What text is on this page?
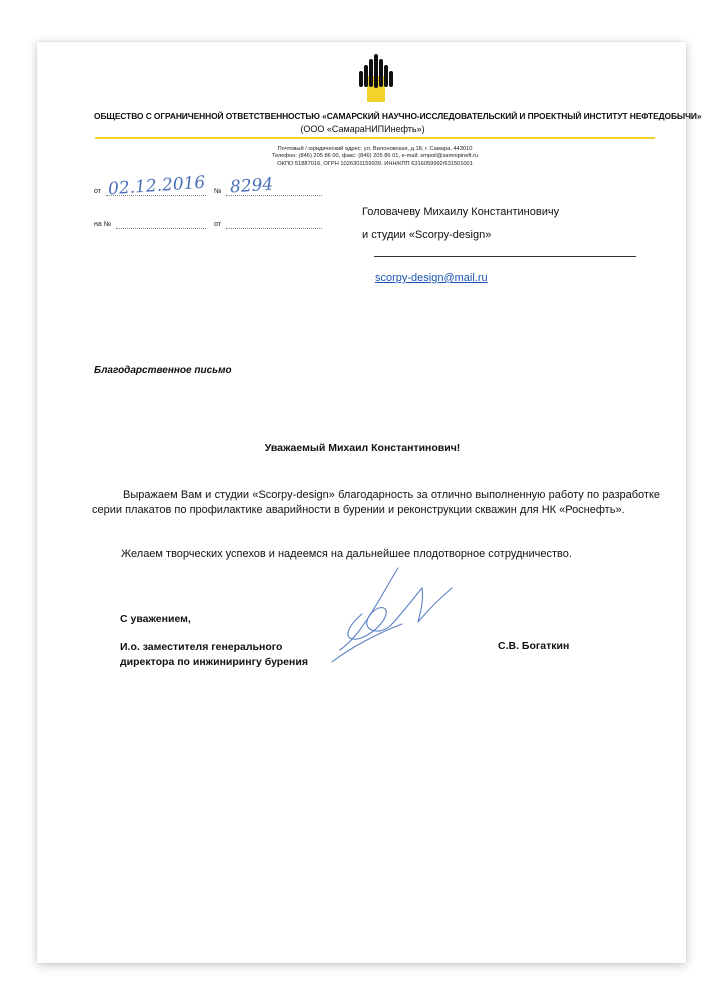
ОБЩЕСТВО С ОГРАНИЧЕННОЙ ОТВЕТСТВЕННОСТЬЮ «САМАРСКИЙ НАУЧНО-ИССЛЕДОВАТЕЛЬСКИЙ И ПРОЕКТНЫЙ ИНСТИТУТ НЕФТЕДОБЫЧИ»
(ООО «СамараНИПИнефть»)
Почтовый / юридический адрес: ул. Вилоновская, д.18, г. Самара, 443010
Телефон: (846) 205 86 00, факс: (846) 205 86 01, e-mail: smpoil@samnipineft.ru
ОКПО 51887016, ОГРН 1026301159939, ИНН/КПП 6316059992/631501001
от 02.12.2016 № 8294
на №	от
Головачеву Михаилу Константиновичу
и студии «Scorpy-design»
scorpy-design@mail.ru
Благодарственное письмо
Уважаемый Михаил Константинович!
Выражаем Вам и студии «Scorpy-design» благодарность за отлично выполненную работу по разработке серии плакатов по профилактике аварийности в бурении и реконструкции скважин для НК «Роснефть».
Желаем творческих успехов и надеемся на дальнейшее плодотворное сотрудничество.
С уважением,
И.о. заместителя генерального
директора по инжинирингу бурения
С.В. Богаткин
